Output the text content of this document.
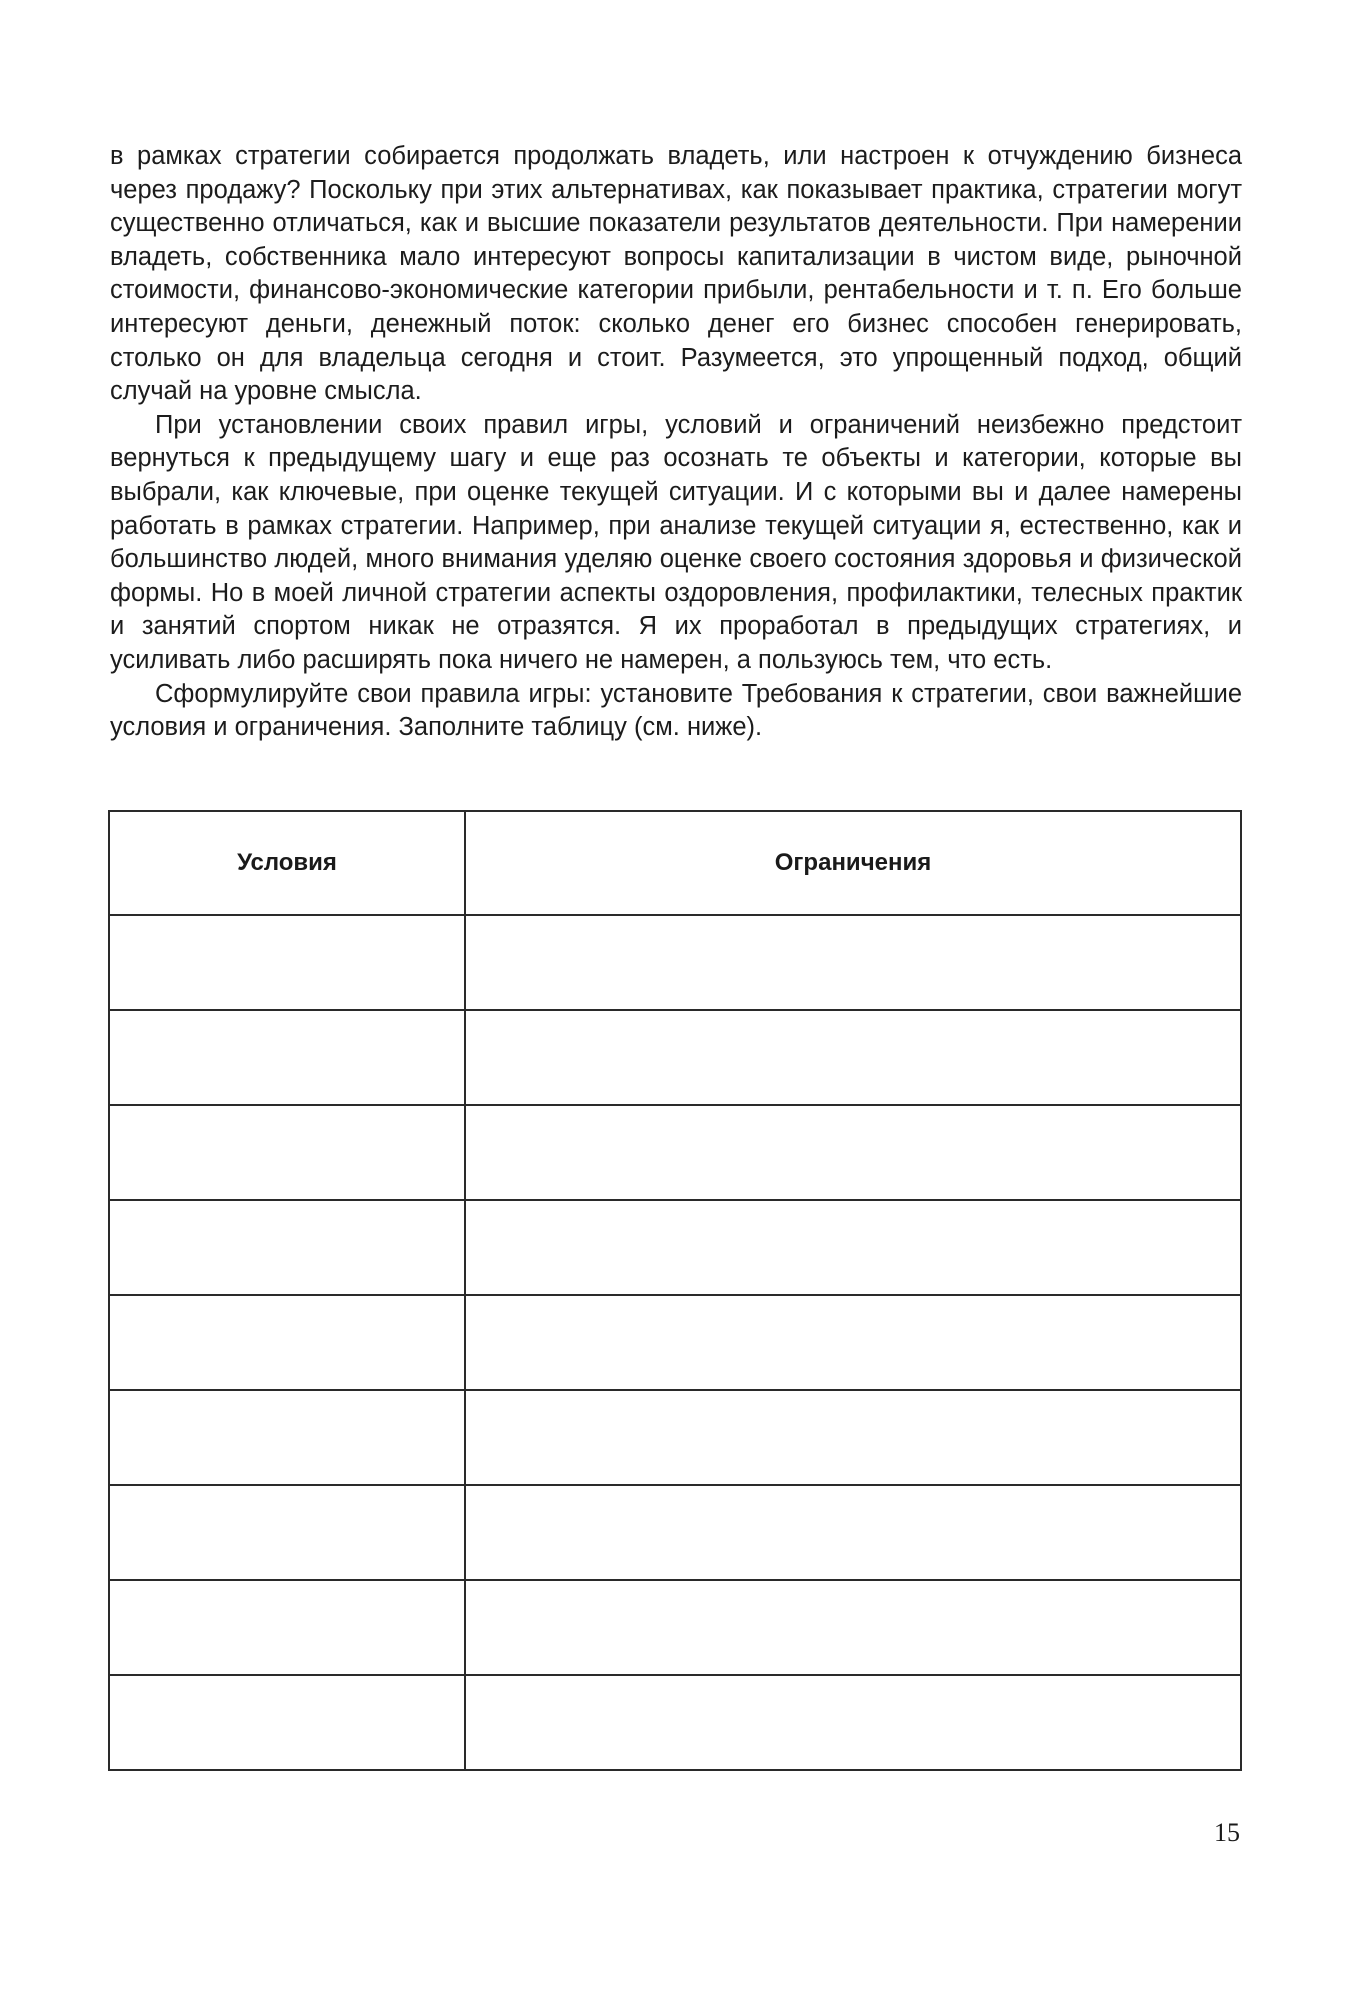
в рамках стратегии собирается продолжать владеть, или настроен к отчуждению бизнеса через продажу? Поскольку при этих альтернативах, как показывает практика, стратегии могут существенно отличаться, как и высшие показатели результатов деятельности. При намерении владеть, собственника мало интересуют вопросы капитализации в чистом виде, рыночной стоимости, финансово-экономические категории прибыли, рентабельности и т. п. Его больше интересуют деньги, денежный поток: сколько денег его бизнес способен генерировать, столько он для владельца сегодня и стоит. Разумеется, это упрощенный подход, общий случай на уровне смысла.

При установлении своих правил игры, условий и ограничений неизбежно предстоит вернуться к предыдущему шагу и еще раз осознать те объекты и категории, которые вы выбрали, как ключевые, при оценке текущей ситуации. И с которыми вы и далее намерены работать в рамках стратегии. Например, при анализе текущей ситуации я, естественно, как и большинство людей, много внимания уделяю оценке своего состояния здоровья и физической формы. Но в моей личной стратегии аспекты оздоровления, профилактики, телесных практик и занятий спортом никак не отразятся. Я их проработал в предыдущих стратегиях, и усиливать либо расширять пока ничего не намерен, а пользуюсь тем, что есть.

Сформулируйте свои правила игры: установите Требования к стратегии, свои важнейшие условия и ограничения. Заполните таблицу (см. ниже).

Условия	Ограничения

15
